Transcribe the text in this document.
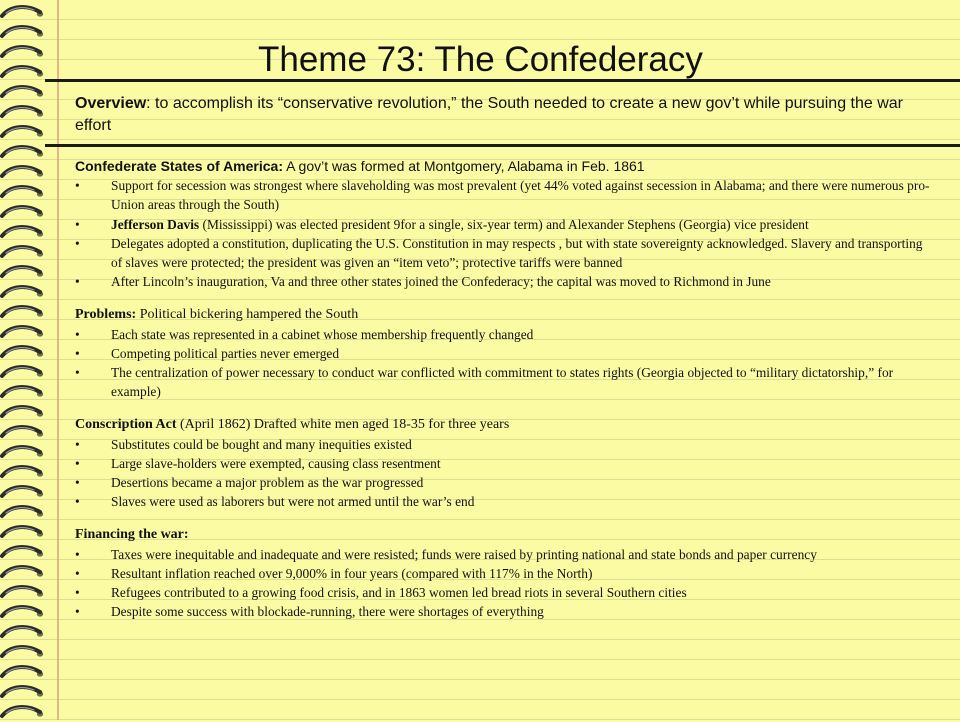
Theme 73: The Confederacy
Overview: to accomplish its “conservative revolution,” the South needed to create a new gov’t while pursuing the war effort
Confederate States of America: A gov’t was formed at Montgomery, Alabama in Feb. 1861
• Support for secession was strongest where slaveholding was most prevalent (yet 44% voted against secession in Alabama; and there were numerous pro-Union areas through the South)
• Jefferson Davis (Mississippi) was elected president 9for a single, six-year term) and Alexander Stephens (Georgia) vice president
• Delegates adopted a constitution, duplicating the U.S. Constitution in may respects , but with state sovereignty acknowledged. Slavery and transporting of slaves were protected; the president was given an “item veto”; protective tariffs were banned
• After Lincoln’s inauguration, Va and three other states joined the Confederacy; the capital was moved to Richmond in June
Problems: Political bickering hampered the South
• Each state was represented in a cabinet whose membership frequently changed
• Competing political parties never emerged
• The centralization of power necessary to conduct war conflicted with commitment to states rights (Georgia objected to “military dictatorship,” for example)
Conscription Act (April 1862) Drafted white men aged 18-35 for three years
• Substitutes could be bought and many inequities existed
• Large slave-holders were exempted, causing class resentment
• Desertions became a major problem as the war progressed
• Slaves were used as laborers but were not armed until the war’s end
Financing the war:
• Taxes were inequitable and inadequate and were resisted; funds were raised by printing national and state bonds and paper currency
• Resultant inflation reached over 9,000% in four years (compared with 117% in the North)
• Refugees contributed to a growing food crisis, and in 1863 women led bread riots in several Southern cities
• Despite some success with blockade-running, there were shortages of everything
